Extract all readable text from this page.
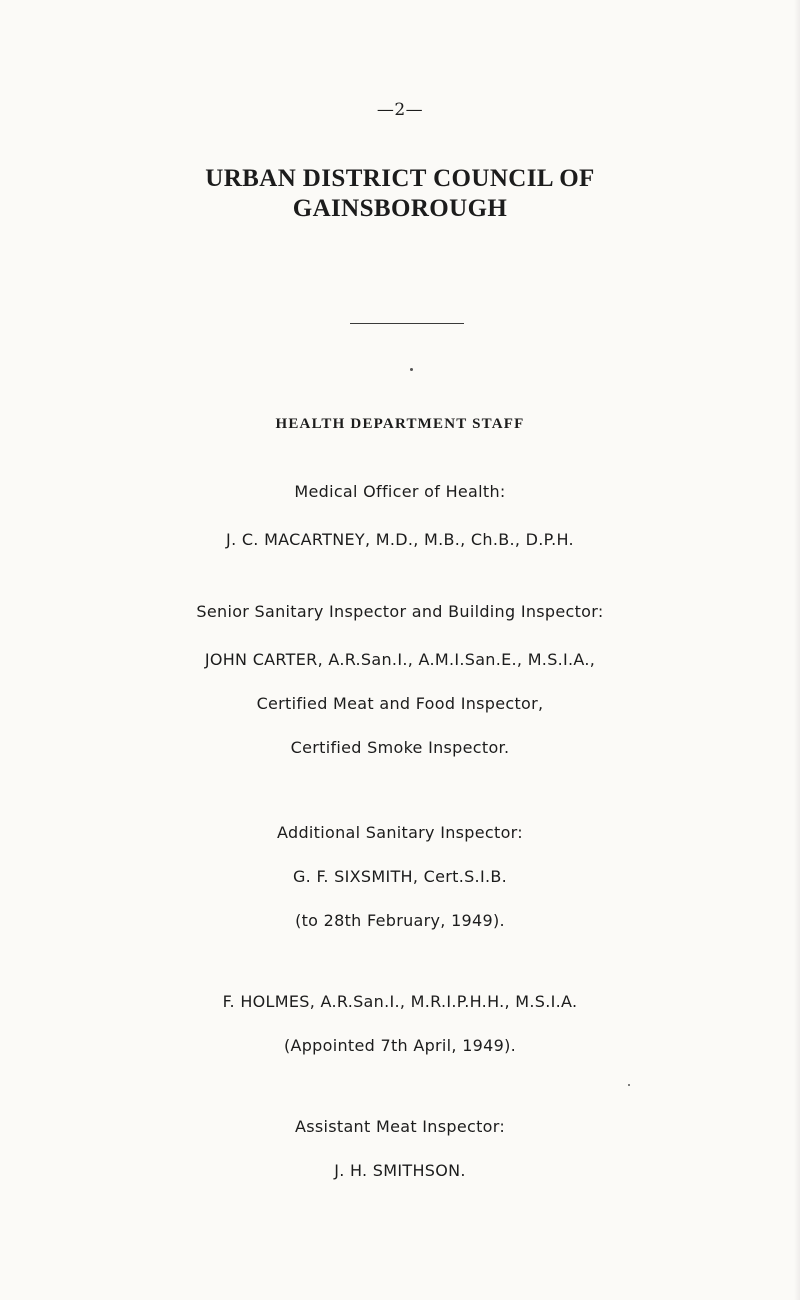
—2—
URBAN DISTRICT COUNCIL OF
GAINSBOROUGH
HEALTH DEPARTMENT STAFF
Medical Officer of Health:
J. C. MACARTNEY, M.D., M.B., Ch.B., D.P.H.
Senior Sanitary Inspector and Building Inspector:
JOHN CARTER, A.R.San.I., A.M.I.San.E., M.S.I.A.,
Certified Meat and Food Inspector,
Certified Smoke Inspector.
Additional Sanitary Inspector:
G. F. SIXSMITH, Cert.S.I.B.
(to 28th February, 1949).
F. HOLMES, A.R.San.I., M.R.I.P.H.H., M.S.I.A.
(Appointed 7th April, 1949).
Assistant Meat Inspector:
J. H. SMITHSON.
